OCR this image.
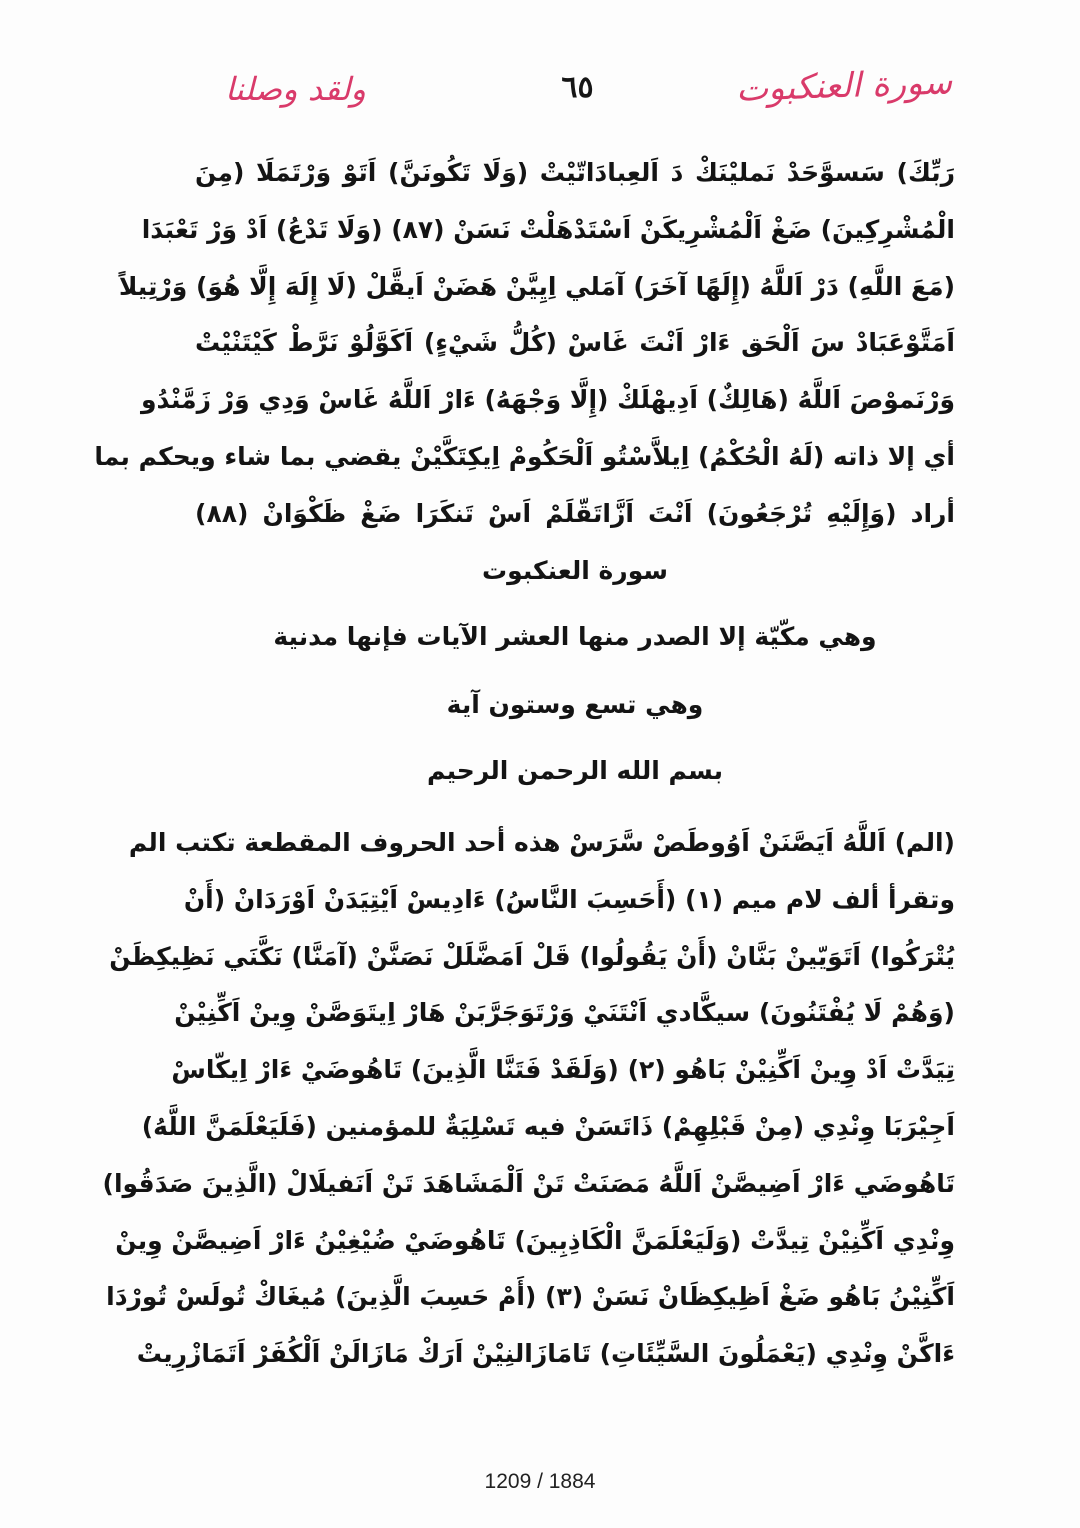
سورة العنكبوت
٦٥
ولقد وصلنا
رَبِّكَ) سَسوَّحَدْ نَمليْنَكْ دَ اَلعِبادَاتّيْتْ (وَلَا تَكُونَنَّ) اَتَوْ وَرْتَمَلَا (مِنَ
الْمُشْرِكِينَ) ضَغْ اَلْمُشْرِيكَنْ اَسْتَدْهَلْتْ نَسَنْ (٨٧) (وَلَا تَدْعُ) اَدْ وَرْ تَعْبَدَا
(مَعَ اللَّهِ) دَرْ اَللَّهُ (إِلَهًا آخَرَ) آمَلي اِيِيَّنْ هَضَنْ اَيقَّلْ (لَا إِلَهَ إِلَّا هُوَ) وَرْتِيلاً
اَمَتَّوْعَبَادْ سَ اَلْحَق ءَارْ اَنْتَ غَاسْ (كُلُّ شَيْءٍ) اَكَوَّلُوْ نَرَّطْ كَيْتَنْيْتْ
وَرْنَموْصَ اَللَّهُ (هَالِكٌ) اَدِيهْلَكْ (إِلَّا وَجْهَهُ) ءَارْ اَللَّهُ غَاسْ وَدِي وَرْ زَمَّنْدُو
أي إلا ذاته (لَهُ الْحُكْمُ) اِيلاَّسْتُو اَلْحَكُومْ اِيكِتَكَّيْنْ يقضي بما شاء ويحكم بما
أراد (وَإِلَيْهِ تُرْجَعُونَ) اَنْتَ اَزَّاتَقّلَمْ اَسْ تَنكَرَا ضَغْ ظَكْوَانْ (٨٨)
سورة العنكبوت
وهي مكّيّة إلا الصدر منها العشر الآيات فإنها مدنية
وهي تسع وستون آية
بسم الله الرحمن الرحيم
(الم) اَللَّهُ اَيَصَّنَنْ اَوُوطَصْ سَّرَسْ هذه أحد الحروف المقطعة تكتب الم
وتقرأ ألف لام ميم (١) (أَحَسِبَ النَّاسُ) ءَادِيسْ اَيْتِيَدَنْ اَوْرَدَانْ (أَنْ
يُتْرَكُوا) اَتَوَيّينْ بَنَّانْ (أَنْ يَقُولُوا) قَلْ اَمَضَّلَلْ نَصَنَّنْ (آمَنَّا) نَكَّنَي نَظِيكِظَنْ
(وَهُمْ لَا يُفْتَنُونَ) سيكَّادي اَنْتَنَيْ وَرْتَوَجَرَّبَنْ هَارْ اِيتَوَصَّنْ وِينْ اَكِّنِيْنْ
تِيَدَّتْ اَدْ وِينْ اَكِّنِيْنْ بَاهُو (٢) (وَلَقَدْ فَتَنَّا الَّذِينَ) تَاهُوضَيْ ءَارْ اِيكّاسْ
اَجِيْرَبَا وِنْدِي (مِنْ قَبْلِهِمْ) ذَاتَسَنْ فيه تَسْلِيَةٌ للمؤمنين (فَلَيَعْلَمَنَّ اللَّهُ)
تَاهُوضَي ءَارْ اَضِيصَّنْ اَللَّهُ مَصَنَتْ تَنْ اَلْمَشَاهَدَ تَنْ اَنَفيلَالْ (الَّذِينَ صَدَقُوا)
وِنْدِي اَكِّنِيْنْ تِيدَّتْ (وَلَيَعْلَمَنَّ الْكَاذِبِينَ) تَاهُوضَيْ ضُيْغِيْنُ ءَارْ اَضِيصَّنْ وِينْ
اَكِّنِيْنُ بَاهُو ضَغْ اَظِيكِظَانْ نَسَنْ (٣) (أَمْ حَسِبَ الَّذِينَ) مُيغَاكْ تُولَسْ تُورْدَا
ءَاكَّنْ وِنْدِي (يَعْمَلُونَ السَّيِّئَاتِ) تَامَازَالنِيْنْ اَرَكْ مَازَالَنْ اَلْكُفَرْ اَتَمَازْرِيتْ
1209 / 1884
